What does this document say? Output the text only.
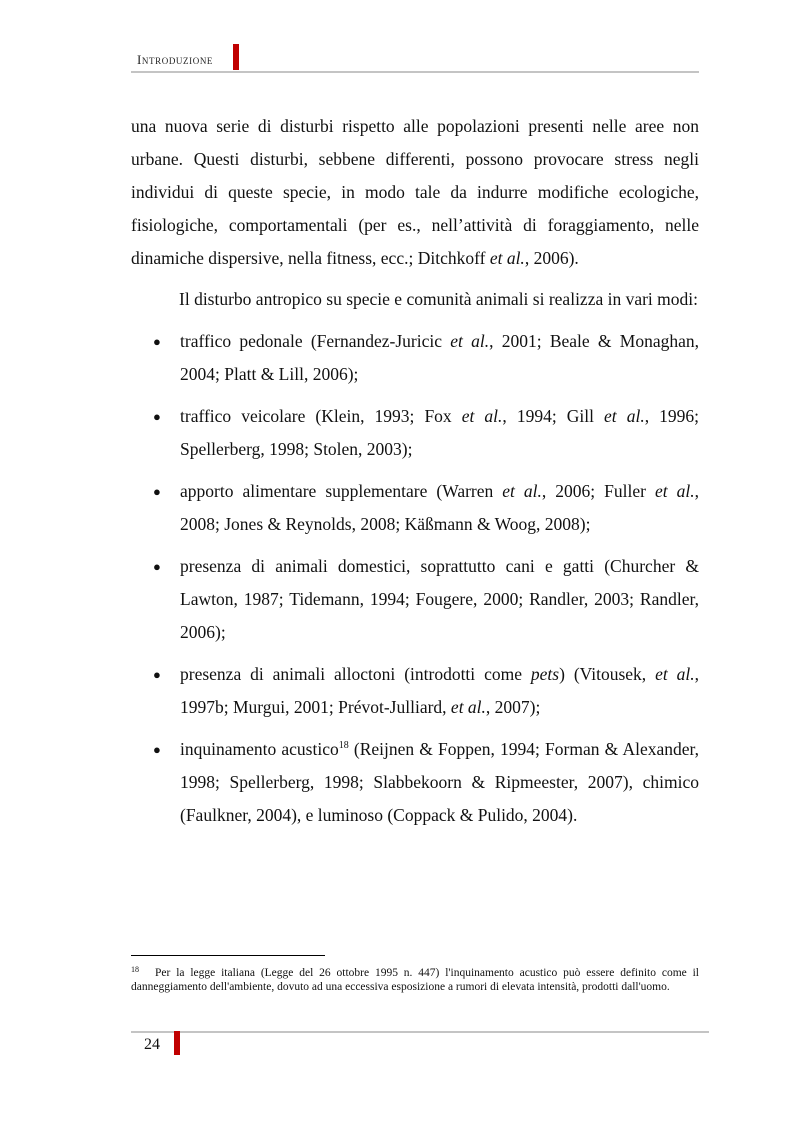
Introduzione

una nuova serie di disturbi rispetto alle popolazioni presenti nelle aree non urbane. Questi disturbi, sebbene differenti, possono provocare stress negli individui di queste specie, in modo tale da indurre modifiche ecologiche, fisiologiche, comportamentali (per es., nell’attività di foraggiamento, nelle dinamiche dispersive, nella fitness, ecc.; Ditchkoff et al., 2006).

Il disturbo antropico su specie e comunità animali si realizza in vari modi:

● traffico pedonale (Fernandez-Juricic et al., 2001; Beale & Monaghan, 2004; Platt & Lill, 2006);
● traffico veicolare (Klein, 1993; Fox et al., 1994; Gill et al., 1996; Spellerberg, 1998; Stolen, 2003);
● apporto alimentare supplementare (Warren et al., 2006; Fuller et al., 2008; Jones & Reynolds, 2008; Käßmann & Woog, 2008);
● presenza di animali domestici, soprattutto cani e gatti (Churcher & Lawton, 1987; Tidemann, 1994; Fougere, 2000; Randler, 2003; Randler, 2006);
● presenza di animali alloctoni (introdotti come pets) (Vitousek, et al., 1997b; Murgui, 2001; Prévot-Julliard, et al., 2007);
● inquinamento acustico$^{18}$ (Reijnen & Foppen, 1994; Forman & Alexander, 1998; Spellerberg, 1998; Slabbekoorn & Ripmeester, 2007), chimico (Faulkner, 2004), e luminoso (Coppack & Pulido, 2004).
$^{18}$ Per la legge italiana (Legge del 26 ottobre 1995 n. 447) l'inquinamento acustico può essere definito come il danneggiamento dell'ambiente, dovuto ad una eccessiva esposizione a rumori di elevata intensità, prodotti dall'uomo.
24
